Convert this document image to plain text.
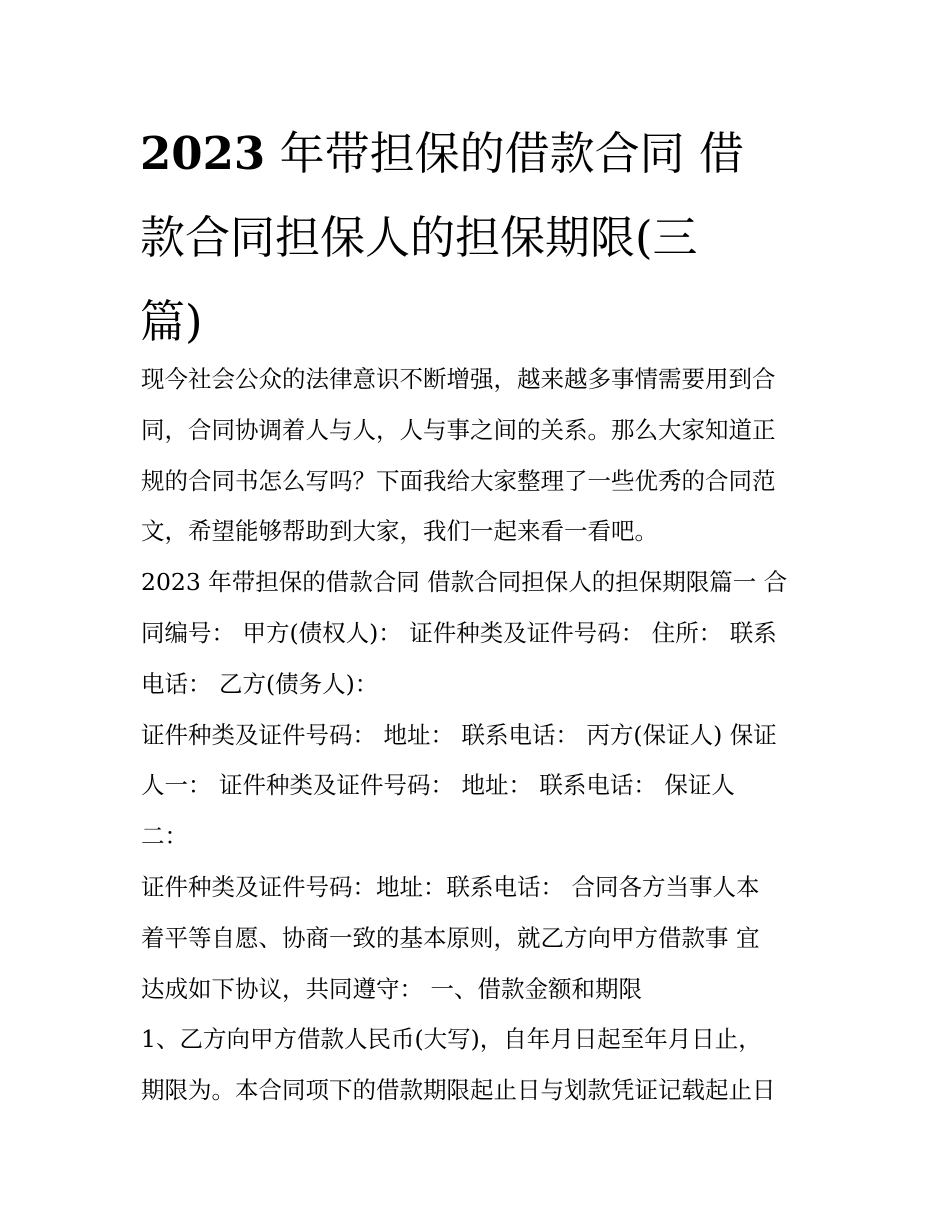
2023 年带担保的借款合同 借
款合同担保人的担保期限(三
篇)
现今社会公众的法律意识不断增强，越来越多事情需要用到合
同，合同协调着人与人，人与事之间的关系。那么大家知道正
规的合同书怎么写吗？下面我给大家整理了一些优秀的合同范
文，希望能够帮助到大家，我们一起来看一看吧。
2023 年带担保的借款合同 借款合同担保人的担保期限篇一 合
同编号： 甲方(债权人)： 证件种类及证件号码： 住所： 联系
电话： 乙方(债务人)：
证件种类及证件号码： 地址： 联系电话： 丙方(保证人) 保证
人一： 证件种类及证件号码： 地址： 联系电话： 保证人
二：
证件种类及证件号码：地址：联系电话： 合同各方当事人本
着平等自愿、协商一致的基本原则，就乙方向甲方借款事 宜
达成如下协议，共同遵守： 一、借款金额和期限
1、乙方向甲方借款人民币(大写)，自年月日起至年月日止，
期限为。本合同项下的借款期限起止日与划款凭证记载起止日
